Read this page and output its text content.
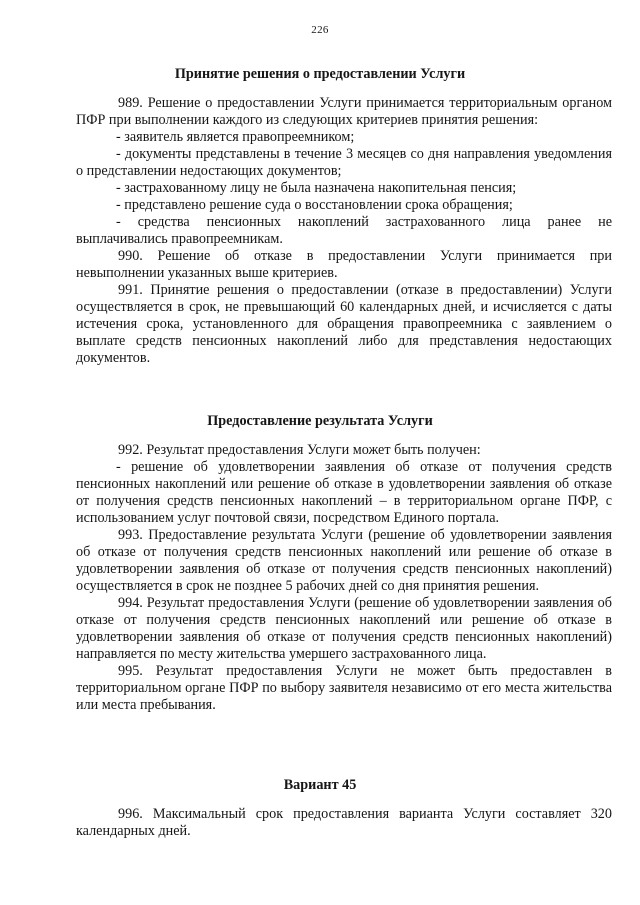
226
Принятие решения о предоставлении Услуги

989. Решение о предоставлении Услуги принимается территориальным органом ПФР при выполнении каждого из следующих критериев принятия решения:

- заявитель является правопреемником;

- документы представлены в течение 3 месяцев со дня направления уведомления о представлении недостающих документов;

- застрахованному лицу не была назначена накопительная пенсия;

- представлено решение суда о восстановлении срока обращения;

- средства пенсионных накоплений застрахованного лица ранее не выплачивались правопреемникам.

990. Решение об отказе в предоставлении Услуги принимается при невыполнении указанных выше критериев.

991. Принятие решения о предоставлении (отказе в предоставлении) Услуги осуществляется в срок, не превышающий 60 календарных дней, и исчисляется с даты истечения срока, установленного для обращения правопреемника с заявлением о выплате средств пенсионных накоплений либо для представления недостающих документов.

Предоставление результата Услуги

992. Результат предоставления Услуги может быть получен:

- решение об удовлетворении заявления об отказе от получения средств пенсионных накоплений или решение об отказе в удовлетворении заявления об отказе от получения средств пенсионных накоплений – в территориальном органе ПФР, с использованием услуг почтовой связи, посредством Единого портала.

993. Предоставление результата Услуги (решение об удовлетворении заявления об отказе от получения средств пенсионных накоплений или решение об отказе в удовлетворении заявления об отказе от получения средств пенсионных накоплений) осуществляется в срок не позднее 5 рабочих дней со дня принятия решения.

994. Результат предоставления Услуги (решение об удовлетворении заявления об отказе от получения средств пенсионных накоплений или решение об отказе в удовлетворении заявления об отказе от получения средств пенсионных накоплений) направляется по месту жительства умершего застрахованного лица.

995. Результат предоставления Услуги не может быть предоставлен в территориальном органе ПФР по выбору заявителя независимо от его места жительства или места пребывания.

Вариант 45

996. Максимальный срок предоставления варианта Услуги составляет 320 календарных дней.
